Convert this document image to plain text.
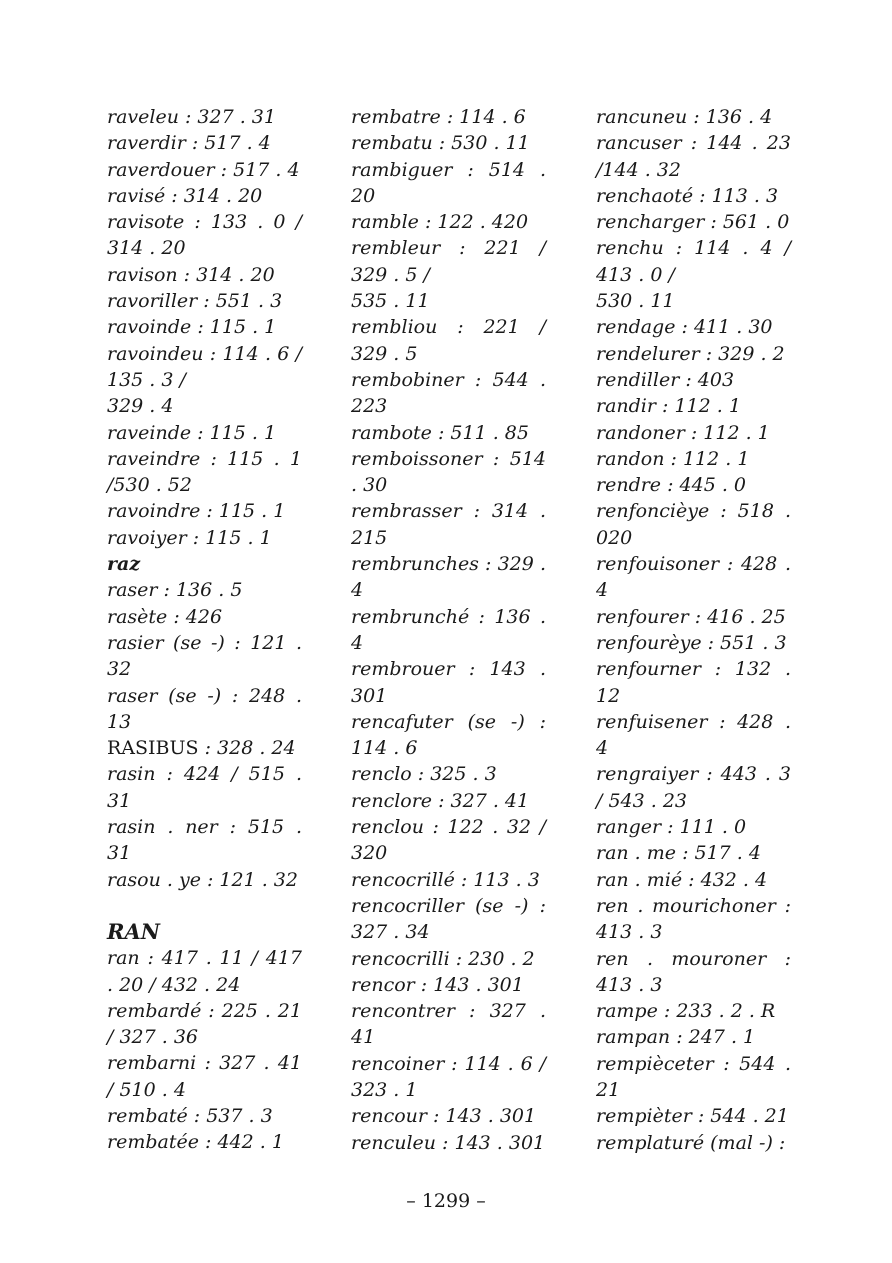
raveleu : 327 . 31
raverdir : 517 . 4
raverdouer : 517 . 4
ravisé : 314 . 20
ravisote : 133 . 0 / 314 . 20
ravison : 314 . 20
ravoriller : 551 . 3
ravoinde : 115 . 1
ravoindeu : 114 . 6 / 135 . 3 /
329 . 4
raveinde : 115 . 1
raveindre : 115 . 1 /530 . 52
ravoindre : 115 . 1
ravoiyer : 115 . 1
raz
raser : 136 . 5
rasète : 426
rasier (se -) : 121 . 32
raser (se -) : 248 . 13
RASIBUS : 328 . 24
rasin : 424 / 515 . 31
rasin . ner : 515 . 31
rasou . ye : 121 . 32
RAN
ran : 417 . 11 / 417 . 20 / 432 . 24
rembardé : 225 . 21 / 327 . 36
rembarni : 327 . 41 / 510 . 4
rembaté : 537 . 3
rembatée : 442 . 1
rembatre : 114 . 6
rembatu : 530 . 11
rambiguer : 514 . 20
ramble : 122 . 420
rembleur : 221 / 329 . 5 /
535 . 11
rembliou : 221 / 329 . 5
rembobiner : 544 . 223
rambote : 511 . 85
remboissoner : 514 . 30
rembrasser : 314 . 215
rembrunches : 329 . 4
rembrunché : 136 . 4
rembrouer : 143 . 301
rencafuter (se -) : 114 . 6
renclo : 325 . 3
renclore : 327 . 41
renclou : 122 . 32 / 320
rencocrillé : 113 . 3
rencocriller (se -) : 327 . 34
rencocrilli : 230 . 2
rencor : 143 . 301
rencontrer : 327 . 41
rencoiner : 114 . 6 / 323 . 1
rencour : 143 . 301
renculeu : 143 . 301
rancuneu : 136 . 4
rancuser : 144 . 23 /144 . 32
renchaoté : 113 . 3
rencharger : 561 . 0
renchu : 114 . 4 / 413 . 0 /
530 . 11
rendage : 411 . 30
rendelurer : 329 . 2
rendiller : 403
randir : 112 . 1
randoner : 112 . 1
randon : 112 . 1
rendre : 445 . 0
renfoncièye : 518 . 020
renfouisoner : 428 . 4
renfourer : 416 . 25
renfourèye : 551 . 3
renfourner : 132 . 12
renfuisener : 428 . 4
rengraiyer : 443 . 3 / 543 . 23
ranger : 111 . 0
ran . me : 517 . 4
ran . mié : 432 . 4
ren . mourichoner : 413 . 3
ren . mouroner : 413 . 3
rampe : 233 . 2 . R
rampan : 247 . 1
rempièceter : 544 . 21
rempièter : 544 . 21
remplaturé (mal -) :
– 1299 –
